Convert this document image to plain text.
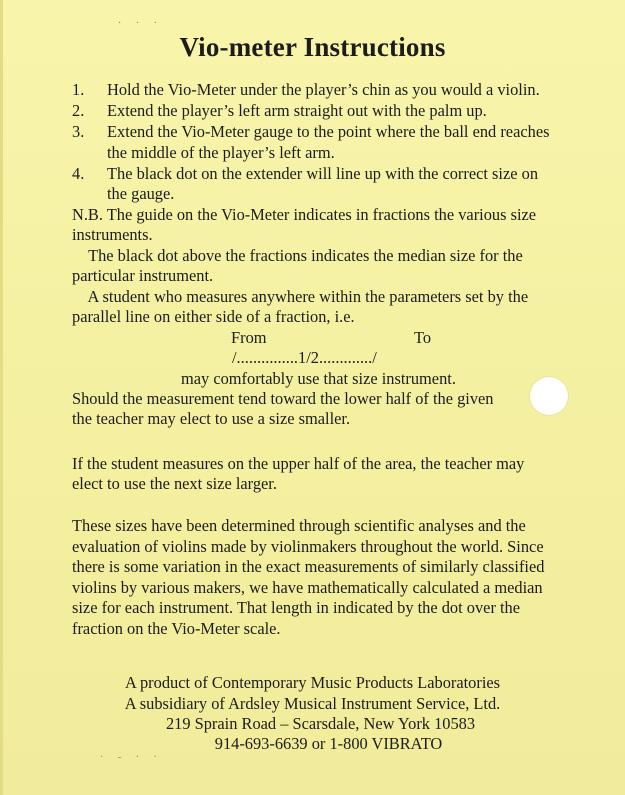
· · ·
· - · ·
Vio-meter Instructions
1. Hold the Vio-Meter under the player’s chin as you would a violin.
2. Extend the player’s left arm straight out with the palm up.
3. Extend the Vio-Meter gauge to the point where the ball end reaches
the middle of the player’s left arm.
4. The black dot on the extender will line up with the correct size on
the gauge.
N.B. The guide on the Vio-Meter indicates in fractions the various size
instruments.
The black dot above the fractions indicates the median size for the
particular instrument.
A student who measures anywhere within the parameters set by the
parallel line on either side of a fraction, i.e.
From	To
/...............1/2............./
may comfortably use that size instrument.
Should the measurement tend toward the lower half of the given
the teacher may elect to use a size smaller.
If the student measures on the upper half of the area, the teacher may
elect to use the next size larger.
These sizes have been determined through scientific analyses and the
evaluation of violins made by violinmakers throughout the world. Since
there is some variation in the exact measurements of similarly classified
violins by various makers, we have mathematically calculated a median
size for each instrument. That length in indicated by the dot over the
fraction on the Vio-Meter scale.
A product of Contemporary Music Products Laboratories
A subsidiary of Ardsley Musical Instrument Service, Ltd.
219 Sprain Road – Scarsdale, New York 10583
914-693-6639 or 1-800 VIBRATO
